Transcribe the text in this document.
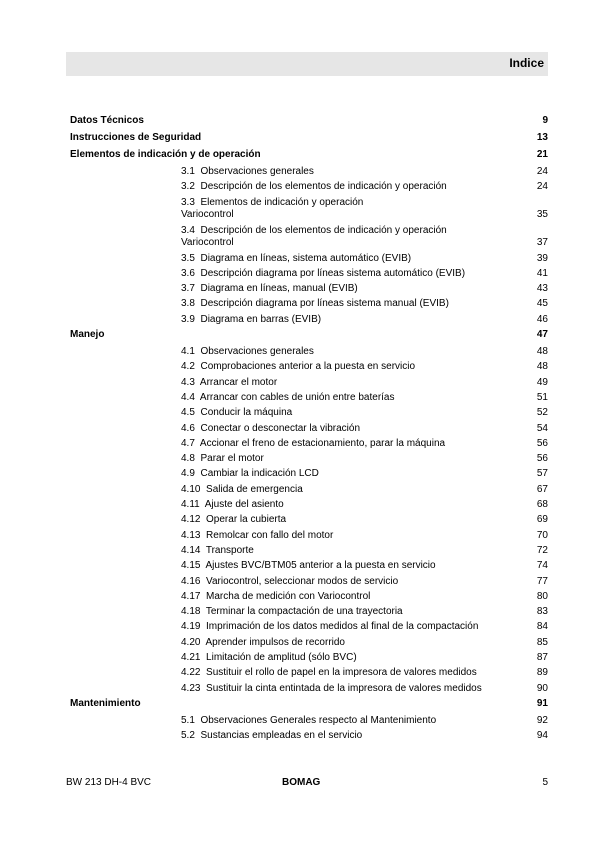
Indice
Datos Técnicos	9
Instrucciones de Seguridad	13
Elementos de indicación y de operación	21
3.1 Observaciones generales	24
3.2 Descripción de los elementos de indicación y operación	24
3.3 Elementos de indicación y operación
Variocontrol	35
3.4 Descripción de los elementos de indicación y operación
Variocontrol	37
3.5 Diagrama en líneas, sistema automático (EVIB)	39
3.6 Descripción diagrama por líneas sistema automático (EVIB)	41
3.7 Diagrama en líneas, manual (EVIB)	43
3.8 Descripción diagrama por líneas sistema manual (EVIB)	45
3.9 Diagrama en barras (EVIB)	46
Manejo	47
4.1 Observaciones generales	48
4.2 Comprobaciones anterior a la puesta en servicio	48
4.3 Arrancar el motor	49
4.4 Arrancar con cables de unión entre baterías	51
4.5 Conducir la máquina	52
4.6 Conectar o desconectar la vibración	54
4.7 Accionar el freno de estacionamiento, parar la máquina	56
4.8 Parar el motor	56
4.9 Cambiar la indicación LCD	57
4.10 Salida de emergencia	67
4.11 Ajuste del asiento	68
4.12 Operar la cubierta	69
4.13 Remolcar con fallo del motor	70
4.14 Transporte	72
4.15 Ajustes BVC/BTM05 anterior a la puesta en servicio	74
4.16 Variocontrol, seleccionar modos de servicio	77
4.17 Marcha de medición con Variocontrol	80
4.18 Terminar la compactación de una trayectoria	83
4.19 Imprimación de los datos medidos al final de la compactación	84
4.20 Aprender impulsos de recorrido	85
4.21 Limitación de amplitud (sólo BVC)	87
4.22 Sustituir el rollo de papel en la impresora de valores medidos	89
4.23 Sustituir la cinta entintada de la impresora de valores medidos	90
Mantenimiento	91
5.1 Observaciones Generales respecto al Mantenimiento	92
5.2 Sustancias empleadas en el servicio	94
BW 213 DH-4 BVC	BOMAG	5
